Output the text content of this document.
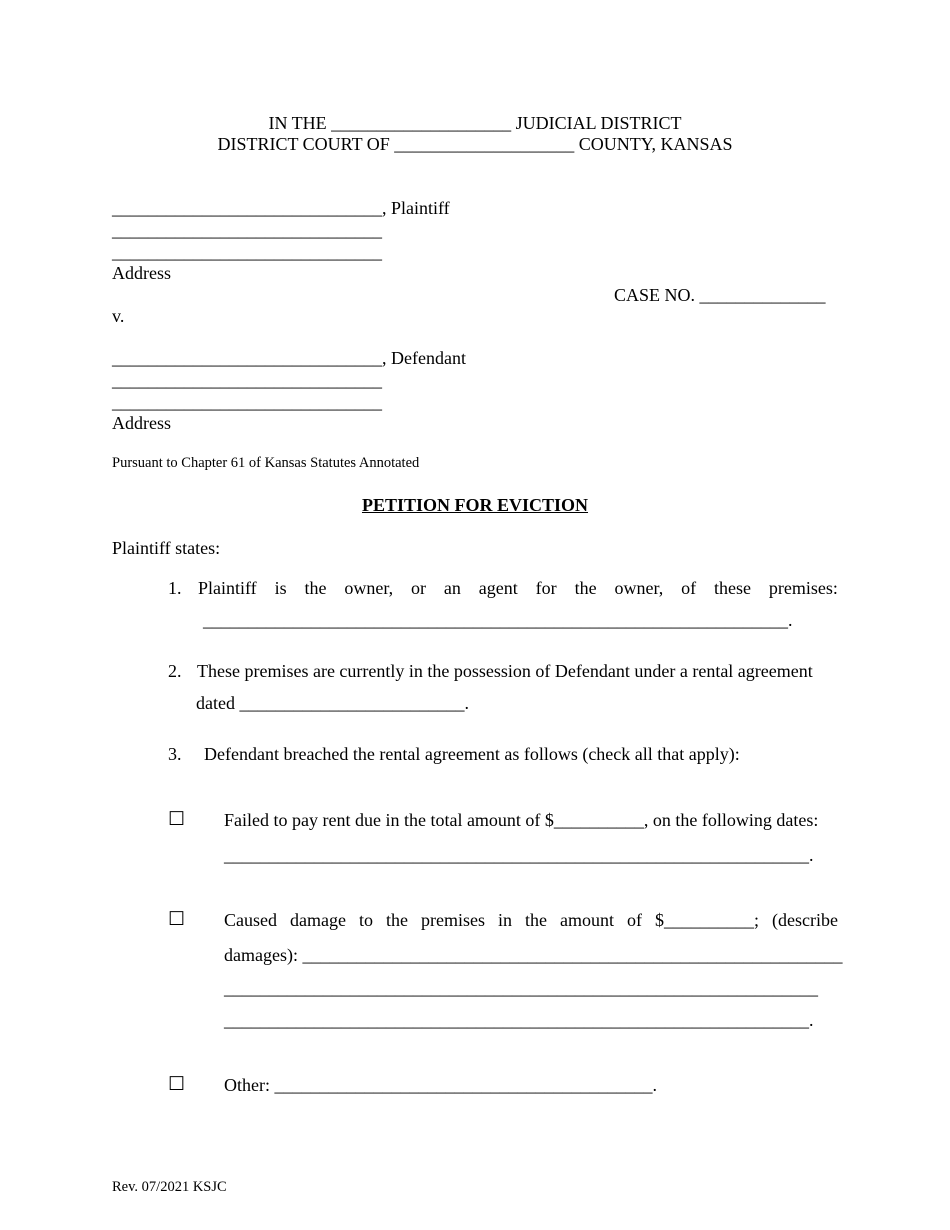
IN THE ____________________ JUDICIAL DISTRICT
DISTRICT COURT OF ____________________ COUNTY, KANSAS
______________________________, Plaintiff
______________________________
______________________________
Address
CASE NO. ______________
v.
______________________________, Defendant
______________________________
______________________________
Address
Pursuant to Chapter 61 of Kansas Statutes Annotated
PETITION FOR EVICTION
Plaintiff states:
1. Plaintiff is the owner, or an agent for the owner, of these premises:
_________________________________________________________________.
2. These premises are currently in the possession of Defendant under a rental agreement
dated _________________________.
3. Defendant breached the rental agreement as follows (check all that apply):
☐ Failed to pay rent due in the total amount of $__________, on the following dates:
_________________________________________________________________.
☐ Caused damage to the premises in the amount of $__________; (describe
damages): ____________________________________________________________
__________________________________________________________________
_________________________________________________________________.
☐ Other: __________________________________________.
Rev. 07/2021 KSJC
